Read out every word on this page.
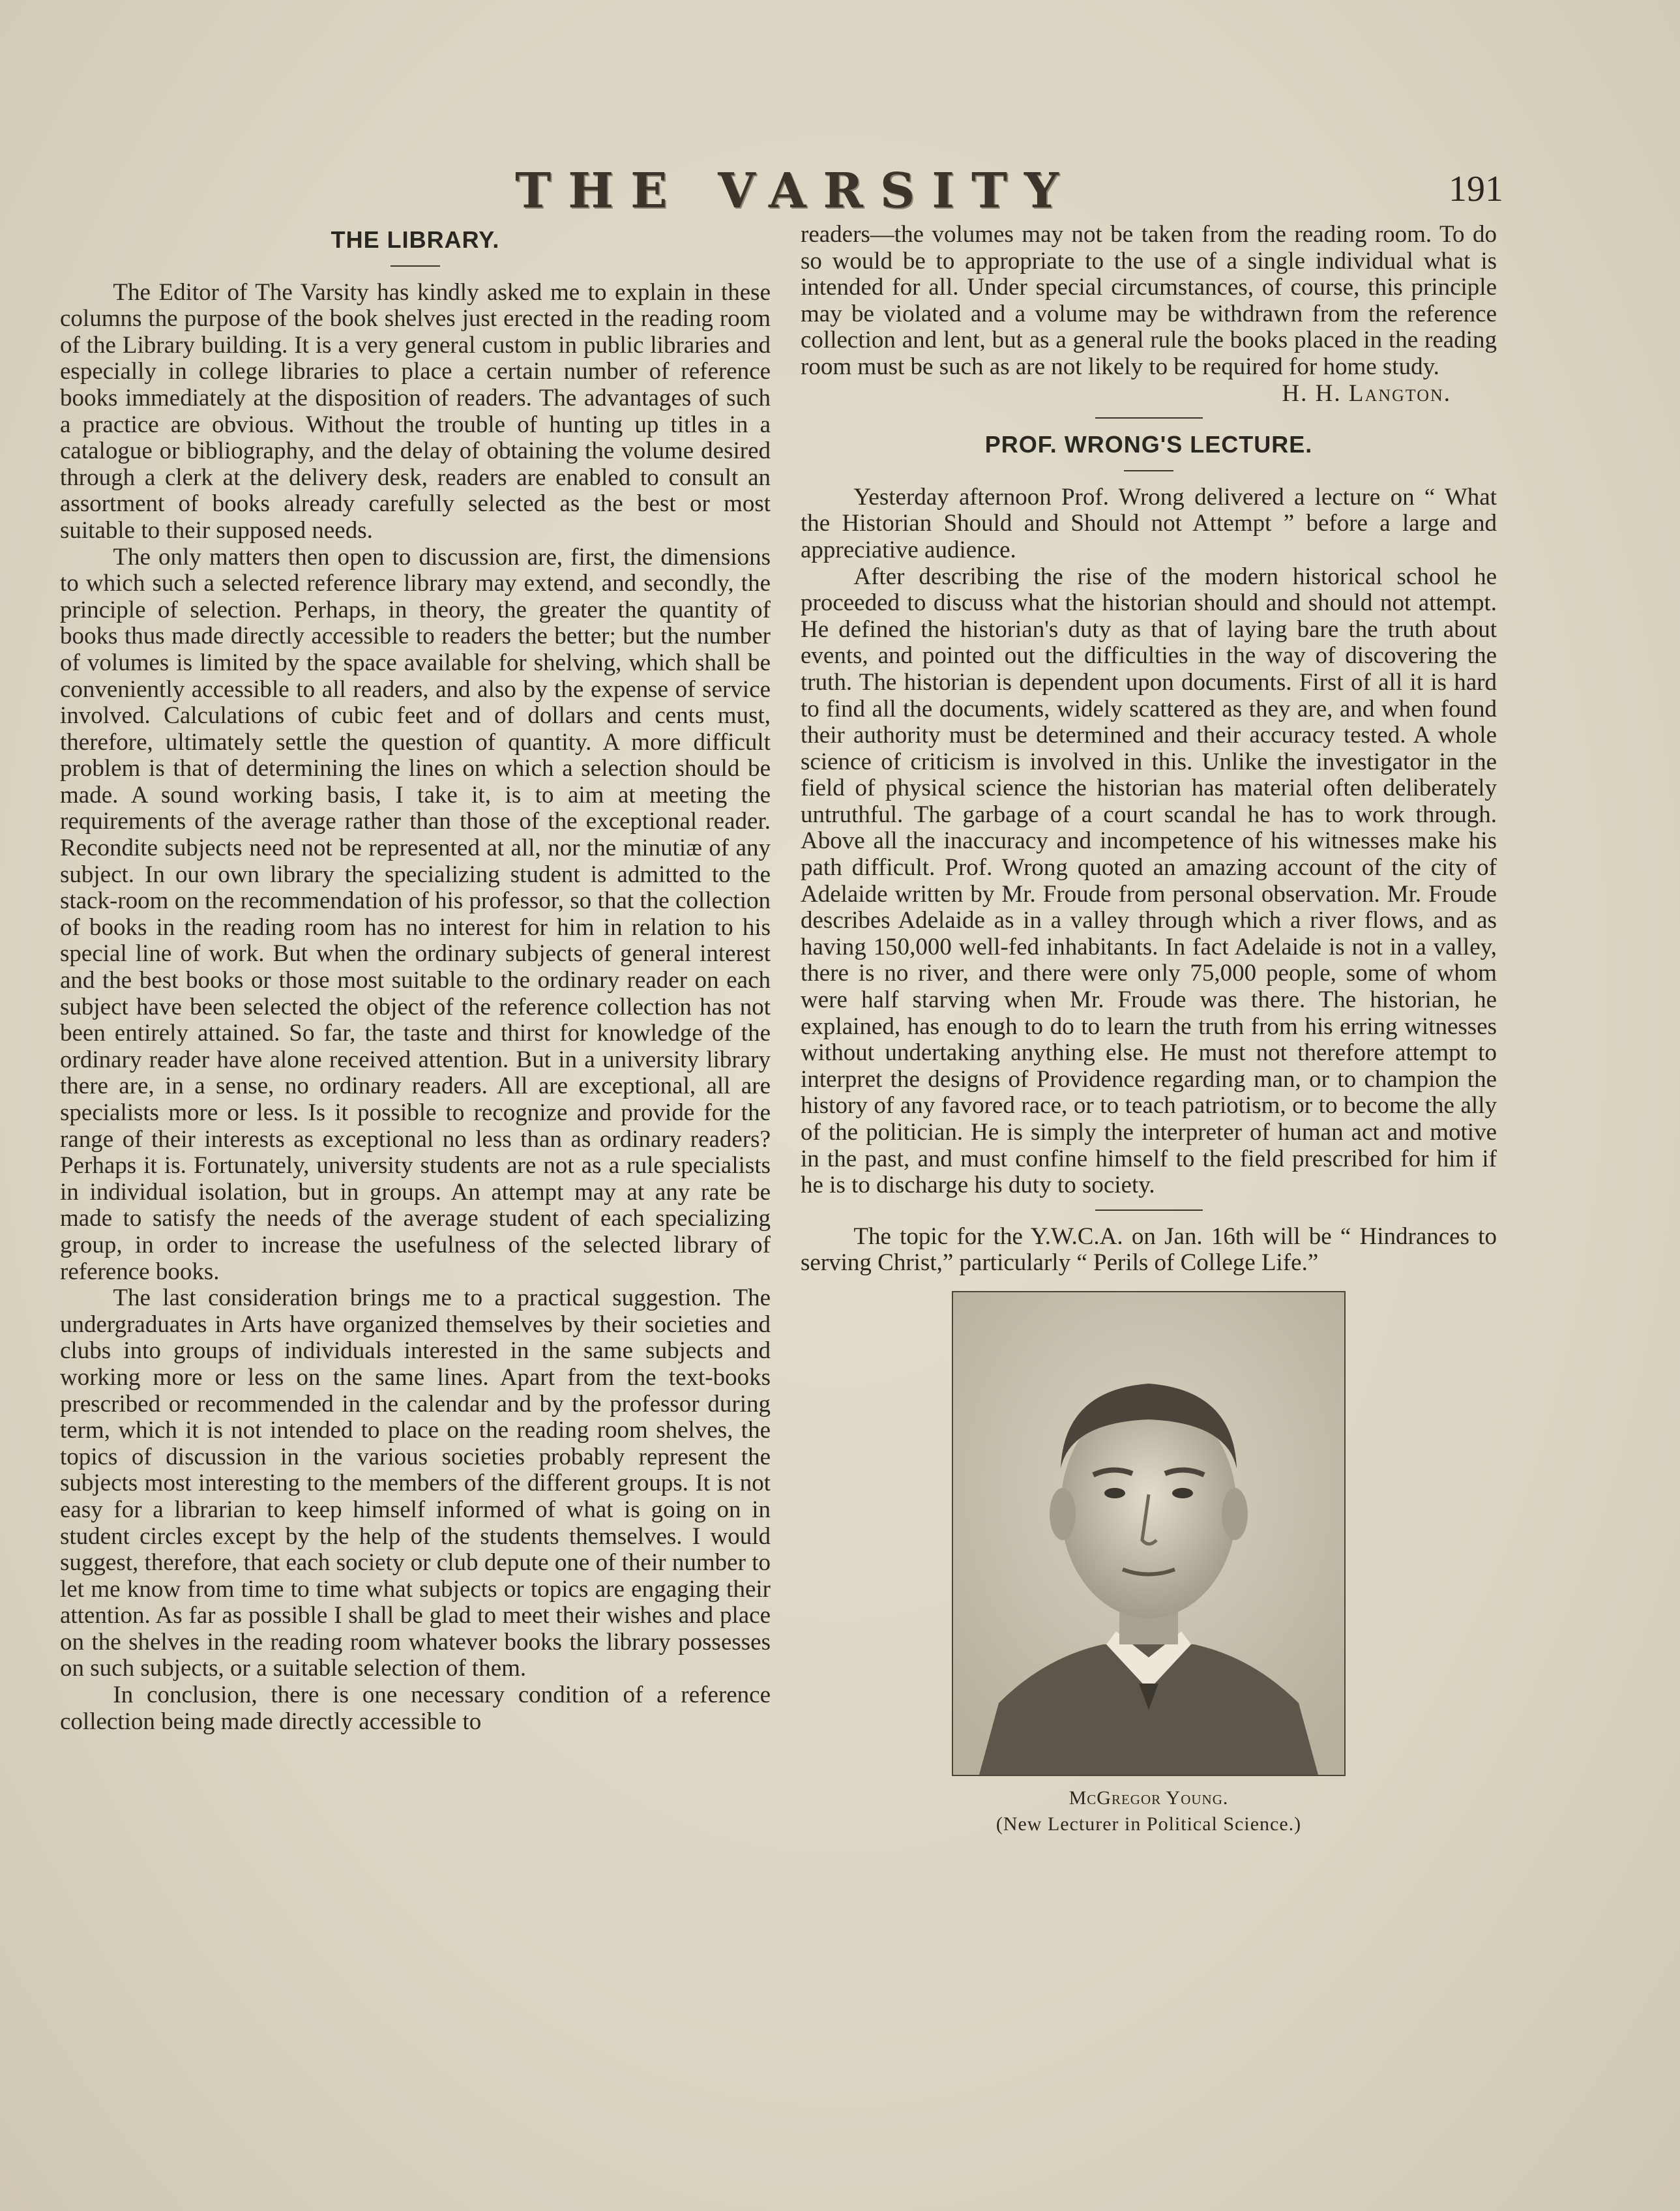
THE VARSITY	191
THE LIBRARY.

The Editor of The Varsity has kindly asked me to explain in these columns the purpose of the book shelves just erected in the reading room of the Library building. It is a very general custom in public libraries and especially in college libraries to place a certain number of reference books immediately at the disposition of readers. The advantages of such a practice are obvious. Without the trouble of hunting up titles in a catalogue or bibliography, and the delay of obtaining the volume desired through a clerk at the delivery desk, readers are enabled to consult an assortment of books already carefully selected as the best or most suitable to their supposed needs.

The only matters then open to discussion are, first, the dimensions to which such a selected reference library may extend, and secondly, the principle of selection. Perhaps, in theory, the greater the quantity of books thus made directly accessible to readers the better; but the number of volumes is limited by the space available for shelving, which shall be conveniently accessible to all readers, and also by the expense of service involved. Calculations of cubic feet and of dollars and cents must, therefore, ultimately settle the question of quantity. A more difficult problem is that of determining the lines on which a selection should be made. A sound working basis, I take it, is to aim at meeting the requirements of the average rather than those of the exceptional reader. Recondite subjects need not be represented at all, nor the minutiæ of any subject. In our own library the specializing student is admitted to the stack-room on the recommendation of his professor, so that the collection of books in the reading room has no interest for him in relation to his special line of work. But when the ordinary subjects of general interest and the best books or those most suitable to the ordinary reader on each subject have been selected the object of the reference collection has not been entirely attained. So far, the taste and thirst for knowledge of the ordinary reader have alone received attention. But in a university library there are, in a sense, no ordinary readers. All are exceptional, all are specialists more or less. Is it possible to recognize and provide for the range of their interests as exceptional no less than as ordinary readers? Perhaps it is. Fortunately, university students are not as a rule specialists in individual isolation, but in groups. An attempt may at any rate be made to satisfy the needs of the average student of each specializing group, in order to increase the usefulness of the selected library of reference books.

The last consideration brings me to a practical suggestion. The undergraduates in Arts have organized themselves by their societies and clubs into groups of individuals interested in the same subjects and working more or less on the same lines. Apart from the text-books prescribed or recommended in the calendar and by the professor during term, which it is not intended to place on the reading room shelves, the topics of discussion in the various societies probably represent the subjects most interesting to the members of the different groups. It is not easy for a librarian to keep himself informed of what is going on in student circles except by the help of the students themselves. I would suggest, therefore, that each society or club depute one of their number to let me know from time to time what subjects or topics are engaging their attention. As far as possible I shall be glad to meet their wishes and place on the shelves in the reading room whatever books the library possesses on such subjects, or a suitable selection of them.

In conclusion, there is one necessary condition of a reference collection being made directly accessible to

readers—the volumes may not be taken from the reading room. To do so would be to appropriate to the use of a single individual what is intended for all. Under special circumstances, of course, this principle may be violated and a volume may be withdrawn from the reference collection and lent, but as a general rule the books placed in the reading room must be such as are not likely to be required for home study.

H. H. Langton.

PROF. WRONG'S LECTURE.

Yesterday afternoon Prof. Wrong delivered a lecture on “ What the Historian Should and Should not Attempt ” before a large and appreciative audience.

After describing the rise of the modern historical school he proceeded to discuss what the historian should and should not attempt. He defined the historian's duty as that of laying bare the truth about events, and pointed out the difficulties in the way of discovering the truth. The historian is dependent upon documents. First of all it is hard to find all the documents, widely scattered as they are, and when found their authority must be determined and their accuracy tested. A whole science of criticism is involved in this. Unlike the investigator in the field of physical science the historian has material often deliberately untruthful. The garbage of a court scandal he has to work through. Above all the inaccuracy and incompetence of his witnesses make his path difficult. Prof. Wrong quoted an amazing account of the city of Adelaide written by Mr. Froude from personal observation. Mr. Froude describes Adelaide as in a valley through which a river flows, and as having 150,000 well-fed inhabitants. In fact Adelaide is not in a valley, there is no river, and there were only 75,000 people, some of whom were half starving when Mr. Froude was there. The historian, he explained, has enough to do to learn the truth from his erring witnesses without undertaking anything else. He must not therefore attempt to interpret the designs of Providence regarding man, or to champion the history of any favored race, or to teach patriotism, or to become the ally of the politician. He is simply the interpreter of human act and motive in the past, and must confine himself to the field prescribed for him if he is to discharge his duty to society.

The topic for the Y.W.C.A. on Jan. 16th will be “ Hindrances to serving Christ,” particularly “ Perils of College Life.”

McGregor Young.
(New Lecturer in Political Science.)
